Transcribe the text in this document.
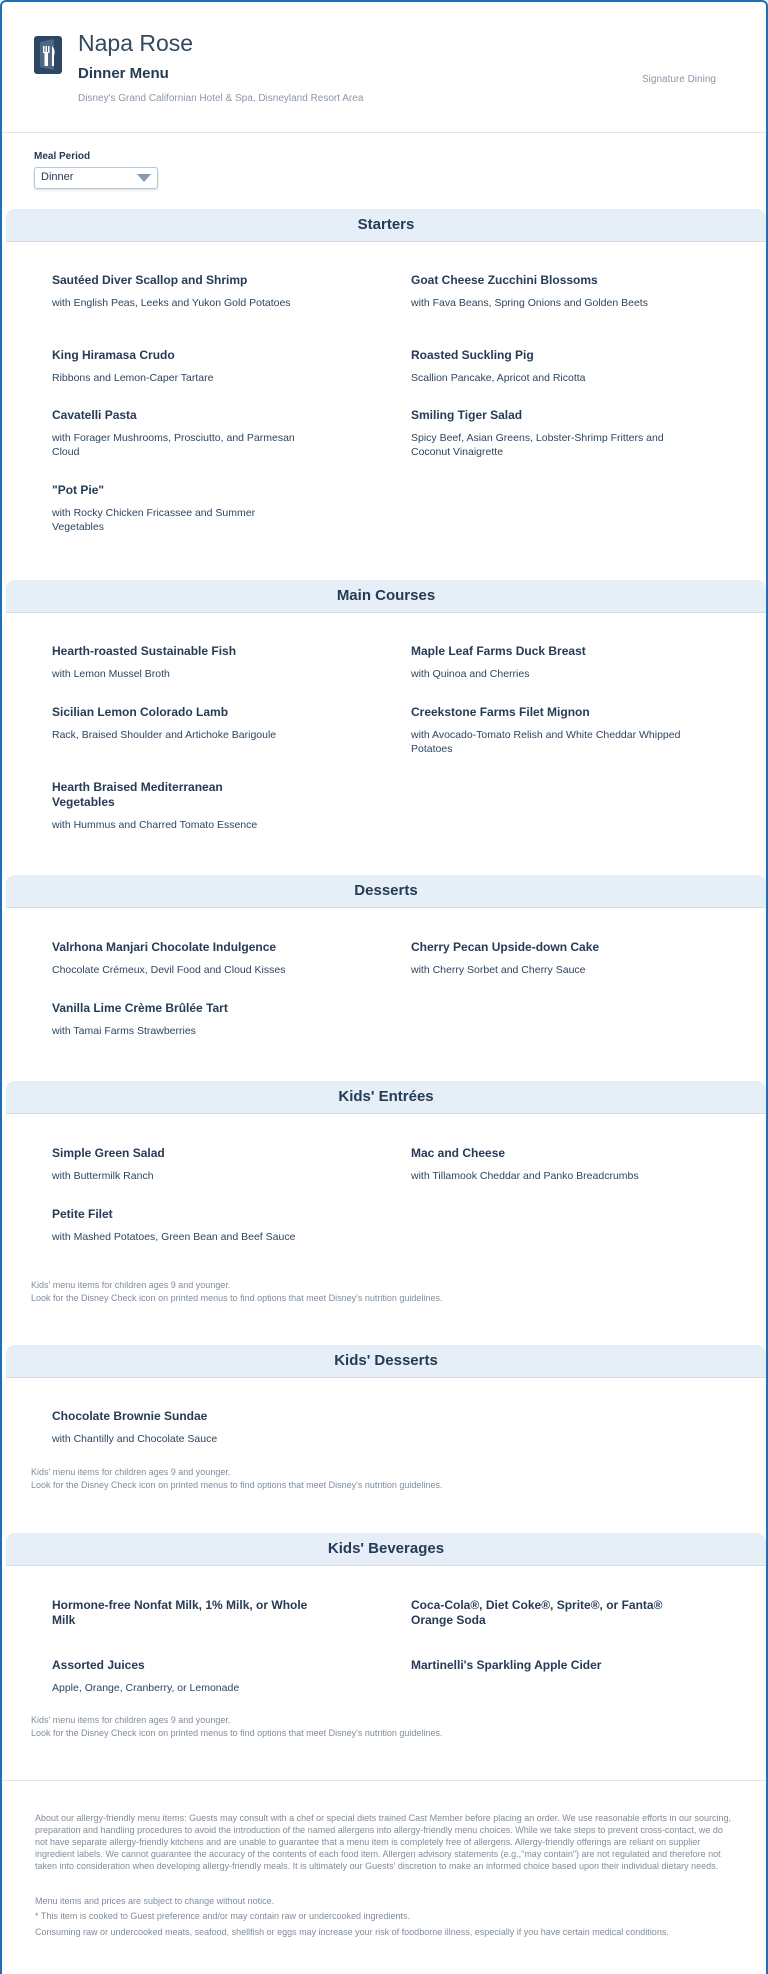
Napa Rose
Dinner Menu
Disney's Grand Californian Hotel & Spa, Disneyland Resort Area
Signature Dining
Meal Period
Dinner
Starters
Sautéed Diver Scallop and Shrimp
with English Peas, Leeks and Yukon Gold Potatoes
Goat Cheese Zucchini Blossoms
with Fava Beans, Spring Onions and Golden Beets
King Hiramasa Crudo
Ribbons and Lemon-Caper Tartare
Roasted Suckling Pig
Scallion Pancake, Apricot and Ricotta
Cavatelli Pasta
with Forager Mushrooms, Prosciutto, and Parmesan Cloud
Smiling Tiger Salad
Spicy Beef, Asian Greens, Lobster-Shrimp Fritters and Coconut Vinaigrette
"Pot Pie"
with Rocky Chicken Fricassee and Summer Vegetables
Main Courses
Hearth-roasted Sustainable Fish
with Lemon Mussel Broth
Maple Leaf Farms Duck Breast
with Quinoa and Cherries
Sicilian Lemon Colorado Lamb
Rack, Braised Shoulder and Artichoke Barigoule
Creekstone Farms Filet Mignon
with Avocado-Tomato Relish and White Cheddar Whipped Potatoes
Hearth Braised Mediterranean Vegetables
with Hummus and Charred Tomato Essence
Desserts
Valrhona Manjari Chocolate Indulgence
Chocolate Crémeux, Devil Food and Cloud Kisses
Cherry Pecan Upside-down Cake
with Cherry Sorbet and Cherry Sauce
Vanilla Lime Crème Brûlée Tart
with Tamai Farms Strawberries
Kids' Entrées
Simple Green Salad
with Buttermilk Ranch
Mac and Cheese
with Tillamook Cheddar and Panko Breadcrumbs
Petite Filet
with Mashed Potatoes, Green Bean and Beef Sauce
Kids' menu items for children ages 9 and younger.
Look for the Disney Check icon on printed menus to find options that meet Disney's nutrition guidelines.
Kids' Desserts
Chocolate Brownie Sundae
with Chantilly and Chocolate Sauce
Kids' menu items for children ages 9 and younger.
Look for the Disney Check icon on printed menus to find options that meet Disney's nutrition guidelines.
Kids' Beverages
Hormone-free Nonfat Milk, 1% Milk, or Whole Milk
Coca-Cola®, Diet Coke®, Sprite®, or Fanta® Orange Soda
Assorted Juices
Apple, Orange, Cranberry, or Lemonade
Martinelli's Sparkling Apple Cider
Kids' menu items for children ages 9 and younger.
Look for the Disney Check icon on printed menus to find options that meet Disney's nutrition guidelines.
About our allergy-friendly menu items: Guests may consult with a chef or special diets trained Cast Member before placing an order. We use reasonable efforts in our sourcing, preparation and handling procedures to avoid the introduction of the named allergens into allergy-friendly menu choices. While we take steps to prevent cross-contact, we do not have separate allergy-friendly kitchens and are unable to guarantee that a menu item is completely free of allergens. Allergy-friendly offerings are reliant on supplier ingredient labels. We cannot guarantee the accuracy of the contents of each food item. Allergen advisory statements (e.g.,"may contain") are not regulated and therefore not taken into consideration when developing allergy-friendly meals. It is ultimately our Guests' discretion to make an informed choice based upon their individual dietary needs.
Menu items and prices are subject to change without notice.
* This item is cooked to Guest preference and/or may contain raw or undercooked ingredients.
Consuming raw or undercooked meats, seafood, shellfish or eggs may increase your risk of foodborne illness, especially if you have certain medical conditions.
